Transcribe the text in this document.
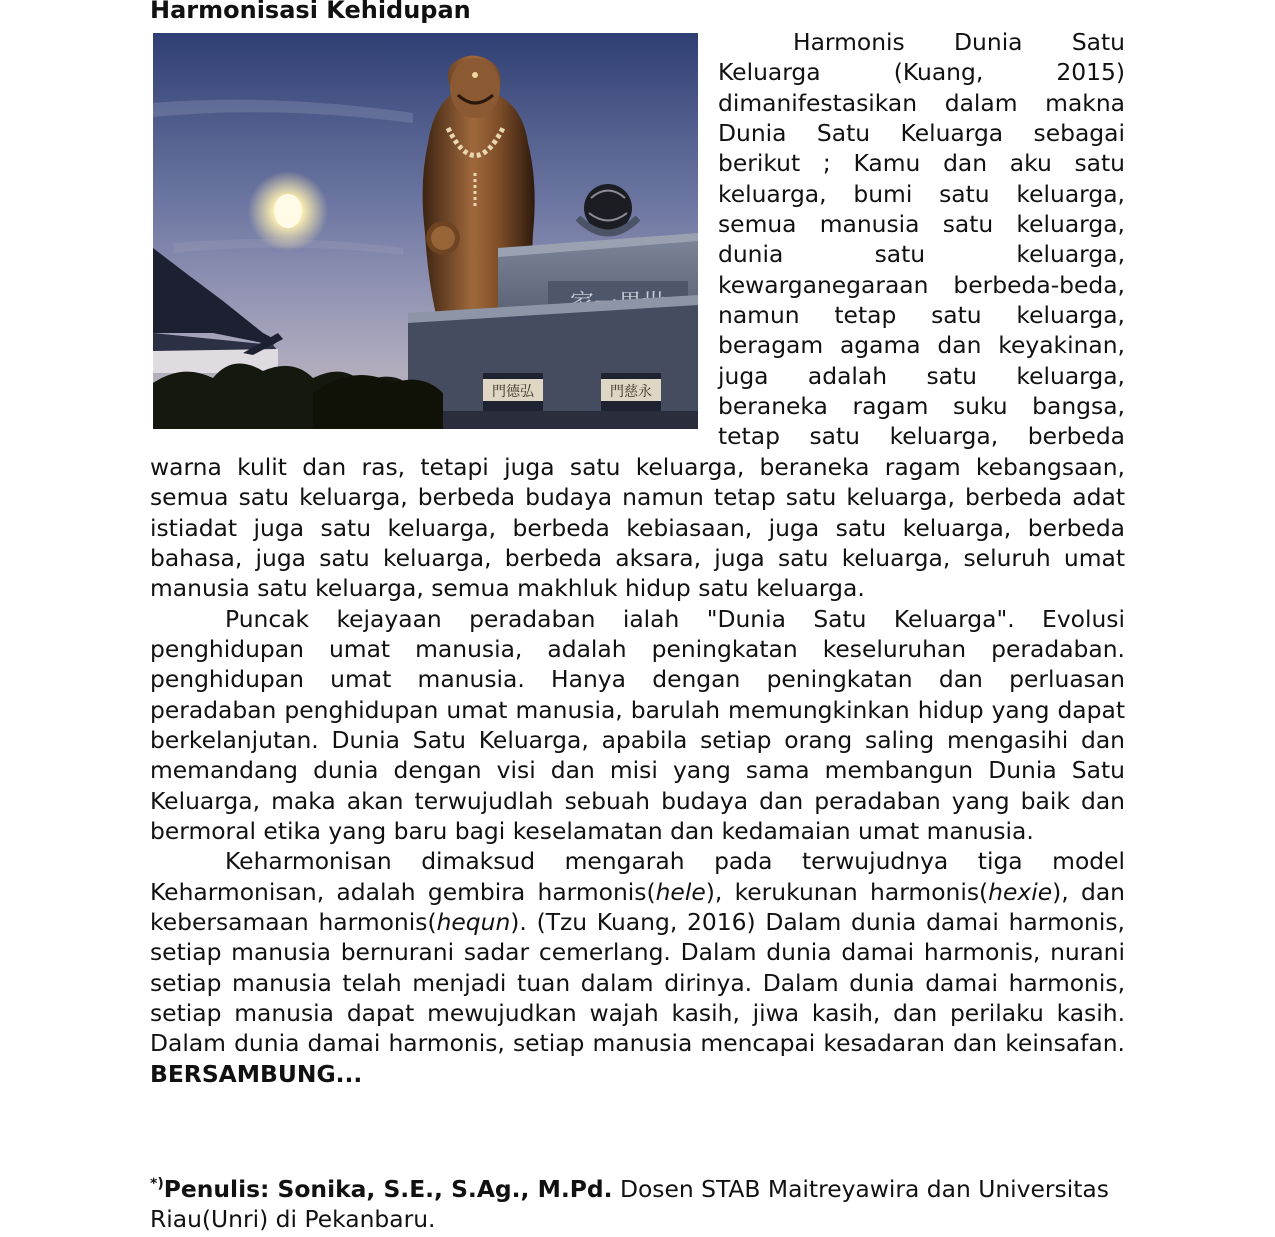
Harmonisasi Kehidupan
門德弘	門慈永

Harmonis Dunia Satu Keluarga (Kuang, 2015) dimanifestasikan dalam makna Dunia Satu Keluarga sebagai berikut ; Kamu dan aku satu keluarga, bumi satu keluarga, semua manusia satu keluarga, dunia satu keluarga, kewarganegaraan berbeda-beda, namun tetap satu keluarga, beragam agama dan keyakinan, juga adalah satu keluarga, beraneka ragam suku bangsa, tetap satu keluarga, berbeda warna kulit dan ras, tetapi juga satu keluarga, beraneka ragam kebangsaan, semua satu keluarga, berbeda budaya namun tetap satu keluarga, berbeda adat istiadat juga satu keluarga, berbeda kebiasaan, juga satu keluarga, berbeda bahasa, juga satu keluarga, berbeda aksara, juga satu keluarga, seluruh umat manusia satu keluarga, semua makhluk hidup satu keluarga.

Puncak kejayaan peradaban ialah "Dunia Satu Keluarga". Evolusi penghidupan umat manusia, adalah peningkatan keseluruhan peradaban. penghidupan umat manusia. Hanya dengan peningkatan dan perluasan peradaban penghidupan umat manusia, barulah memungkinkan hidup yang dapat berkelanjutan. Dunia Satu Keluarga, apabila setiap orang saling mengasihi dan memandang dunia dengan visi dan misi yang sama membangun Dunia Satu Keluarga, maka akan terwujudlah sebuah budaya dan peradaban yang baik dan bermoral etika yang baru bagi keselamatan dan kedamaian umat manusia.

Keharmonisan dimaksud mengarah pada terwujudnya tiga model Keharmonisan, adalah gembira harmonis(hele), kerukunan harmonis(hexie), dan kebersamaan harmonis(hequn). (Tzu Kuang, 2016) Dalam dunia damai harmonis, setiap manusia bernurani sadar cemerlang. Dalam dunia damai harmonis, nurani setiap manusia telah menjadi tuan dalam dirinya. Dalam dunia damai harmonis, setiap manusia dapat mewujudkan wajah kasih, jiwa kasih, dan perilaku kasih. Dalam dunia damai harmonis, setiap manusia mencapai kesadaran dan keinsafan. BERSAMBUNG...

*)Penulis: Sonika, S.E., S.Ag., M.Pd. Dosen STAB Maitreyawira dan Universitas Riau(Unri) di Pekanbaru.
